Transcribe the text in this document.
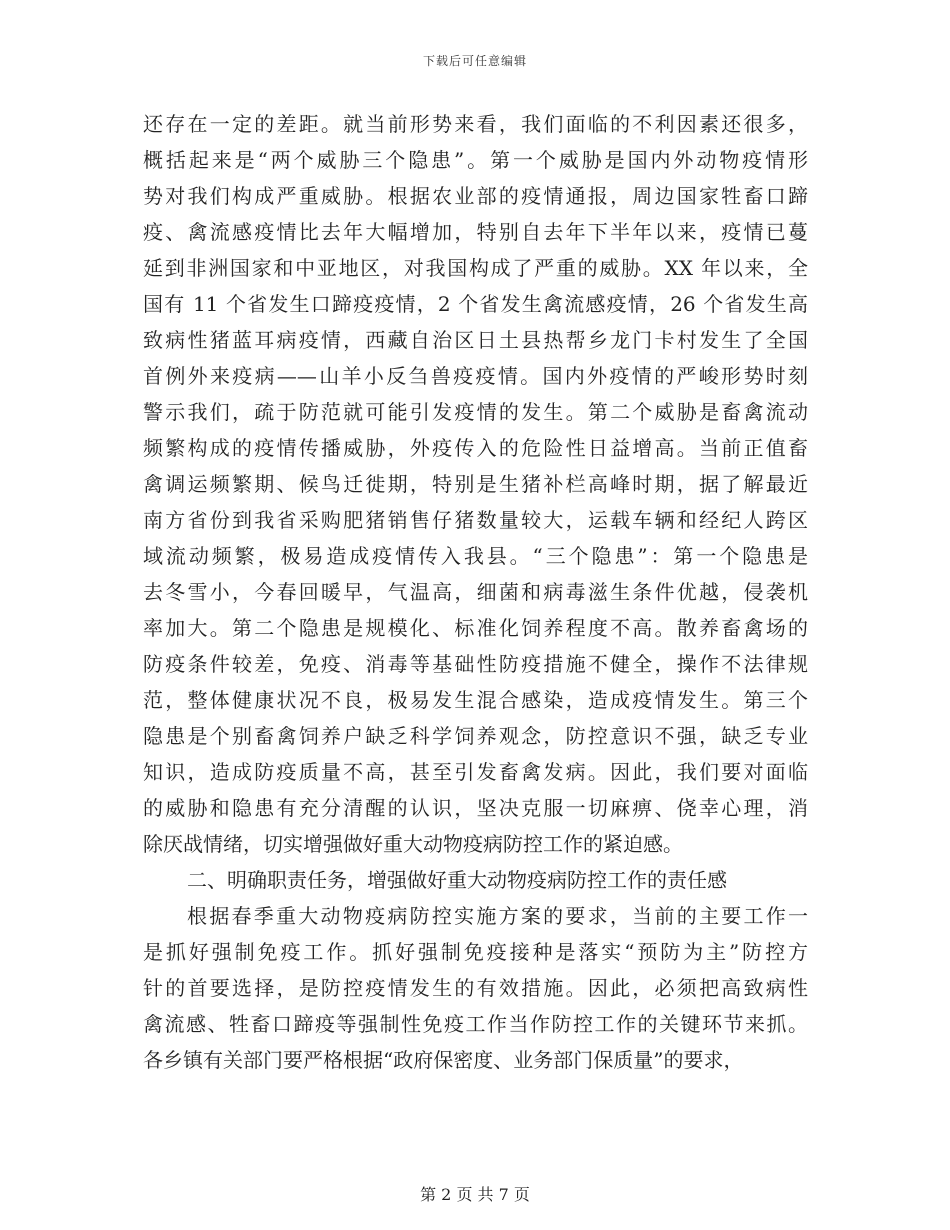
下载后可任意编辑
还存在一定的差距。就当前形势来看，我们面临的不利因素还很多，
概括起来是“两个威胁三个隐患”。第一个威胁是国内外动物疫情形
势对我们构成严重威胁。根据农业部的疫情通报，周边国家牲畜口蹄
疫、禽流感疫情比去年大幅增加，特别自去年下半年以来，疫情已蔓
延到非洲国家和中亚地区，对我国构成了严重的威胁。XX 年以来，全
国有 11 个省发生口蹄疫疫情，2 个省发生禽流感疫情，26 个省发生高
致病性猪蓝耳病疫情，西藏自治区日土县热帮乡龙门卡村发生了全国
首例外来疫病——山羊小反刍兽疫疫情。国内外疫情的严峻形势时刻
警示我们，疏于防范就可能引发疫情的发生。第二个威胁是畜禽流动
频繁构成的疫情传播威胁，外疫传入的危险性日益增高。当前正值畜
禽调运频繁期、候鸟迁徙期，特别是生猪补栏高峰时期，据了解最近
南方省份到我省采购肥猪销售仔猪数量较大，运载车辆和经纪人跨区
域流动频繁，极易造成疫情传入我县。“三个隐患”：第一个隐患是
去冬雪小，今春回暖早，气温高，细菌和病毒滋生条件优越，侵袭机
率加大。第二个隐患是规模化、标准化饲养程度不高。散养畜禽场的
防疫条件较差，免疫、消毒等基础性防疫措施不健全，操作不法律规
范，整体健康状况不良，极易发生混合感染，造成疫情发生。第三个
隐患是个别畜禽饲养户缺乏科学饲养观念，防控意识不强，缺乏专业
知识，造成防疫质量不高，甚至引发畜禽发病。因此，我们要对面临
的威胁和隐患有充分清醒的认识，坚决克服一切麻痹、侥幸心理，消
除厌战情绪，切实增强做好重大动物疫病防控工作的紧迫感。
二、明确职责任务，增强做好重大动物疫病防控工作的责任感
根据春季重大动物疫病防控实施方案的要求，当前的主要工作一
是抓好强制免疫工作。抓好强制免疫接种是落实“预防为主”防控方
针的首要选择，是防控疫情发生的有效措施。因此，必须把高致病性
禽流感、牲畜口蹄疫等强制性免疫工作当作防控工作的关键环节来抓。
各乡镇有关部门要严格根据“政府保密度、业务部门保质量”的要求，
第 2 页 共 7 页
